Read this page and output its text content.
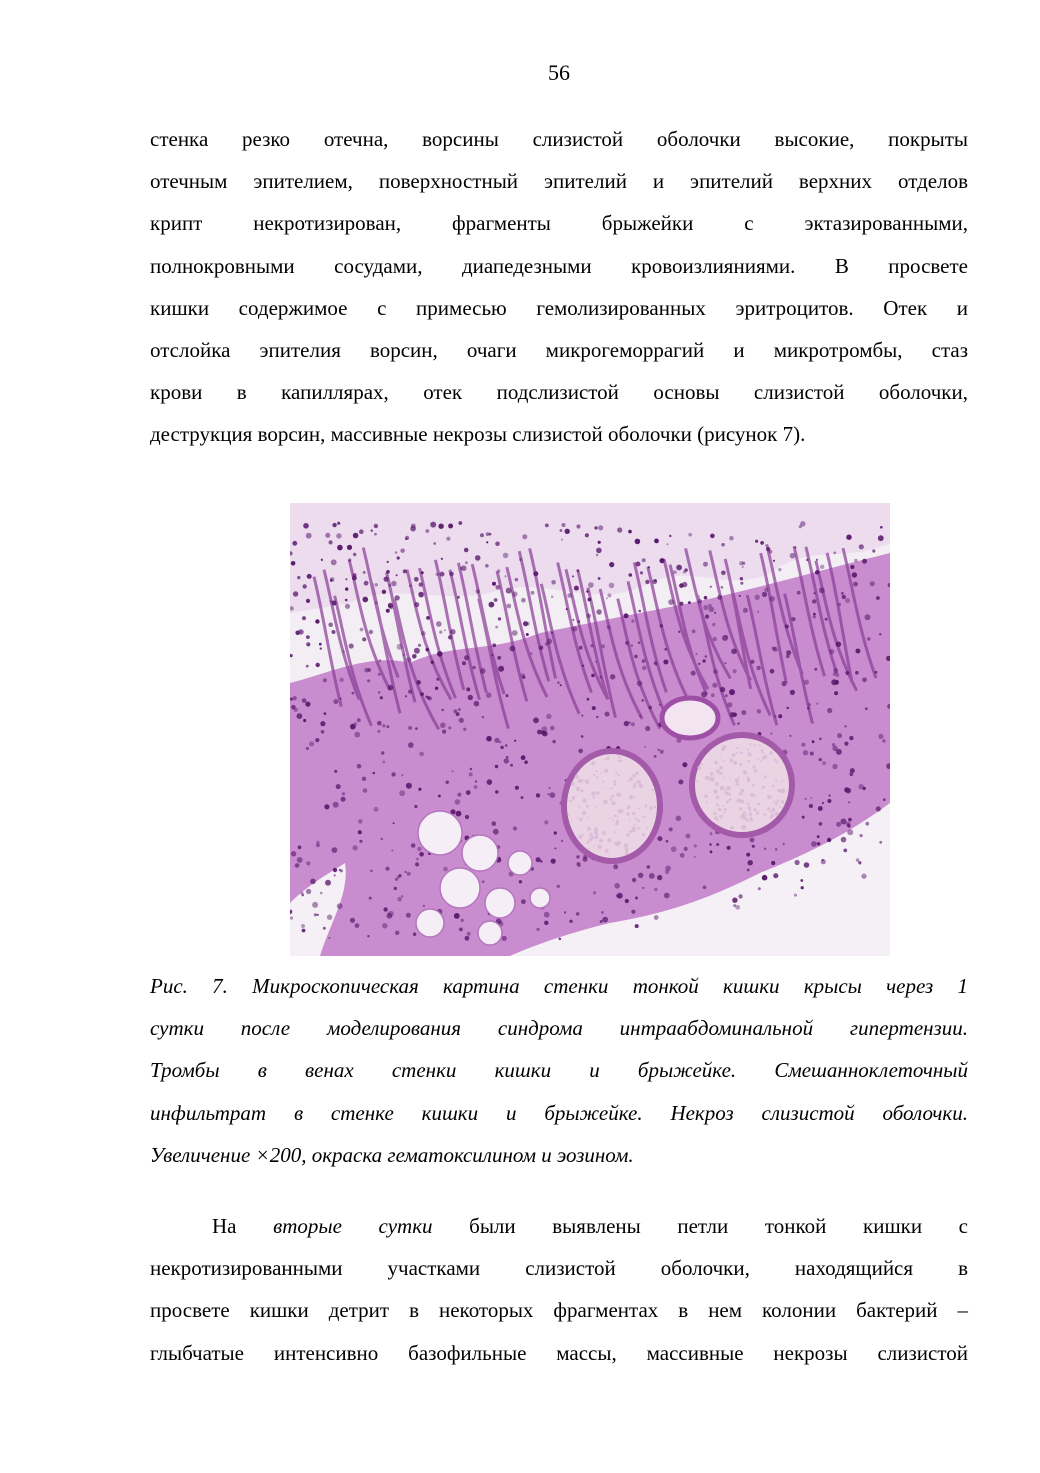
56
стенка резко отечна, ворсины слизистой оболочки высокие, покрыты
отечным эпителием, поверхностный эпителий и эпителий верхних отделов
крипт некротизирован, фрагменты брыжейки с эктазированными,
полнокровными сосудами, диапедезными кровоизлияниями. В просвете
кишки содержимое с примесью гемолизированных эритроцитов. Отек и
отслойка эпителия ворсин, очаги микрогеморрагий и микротромбы, стаз
крови в капиллярах, отек подслизистой основы слизистой оболочки,
деструкция ворсин, массивные некрозы слизистой оболочки (рисунок 7).
Рис. 7. Микроскопическая картина стенки тонкой кишки крысы через 1
сутки после моделирования синдрома интраабдоминальной гипертензии.
Тромбы в венах стенки кишки и брыжейке. Смешанноклеточный
инфильтрат в стенке кишки и брыжейке. Некроз слизистой оболочки.
Увеличение ×200, окраска гематоксилином и эозином.
На вторые сутки были выявлены петли тонкой кишки с
некротизированными участками слизистой оболочки, находящийся в
просвете кишки детрит в некоторых фрагментах в нем колонии бактерий –
глыбчатые интенсивно базофильные массы, массивные некрозы слизистой
